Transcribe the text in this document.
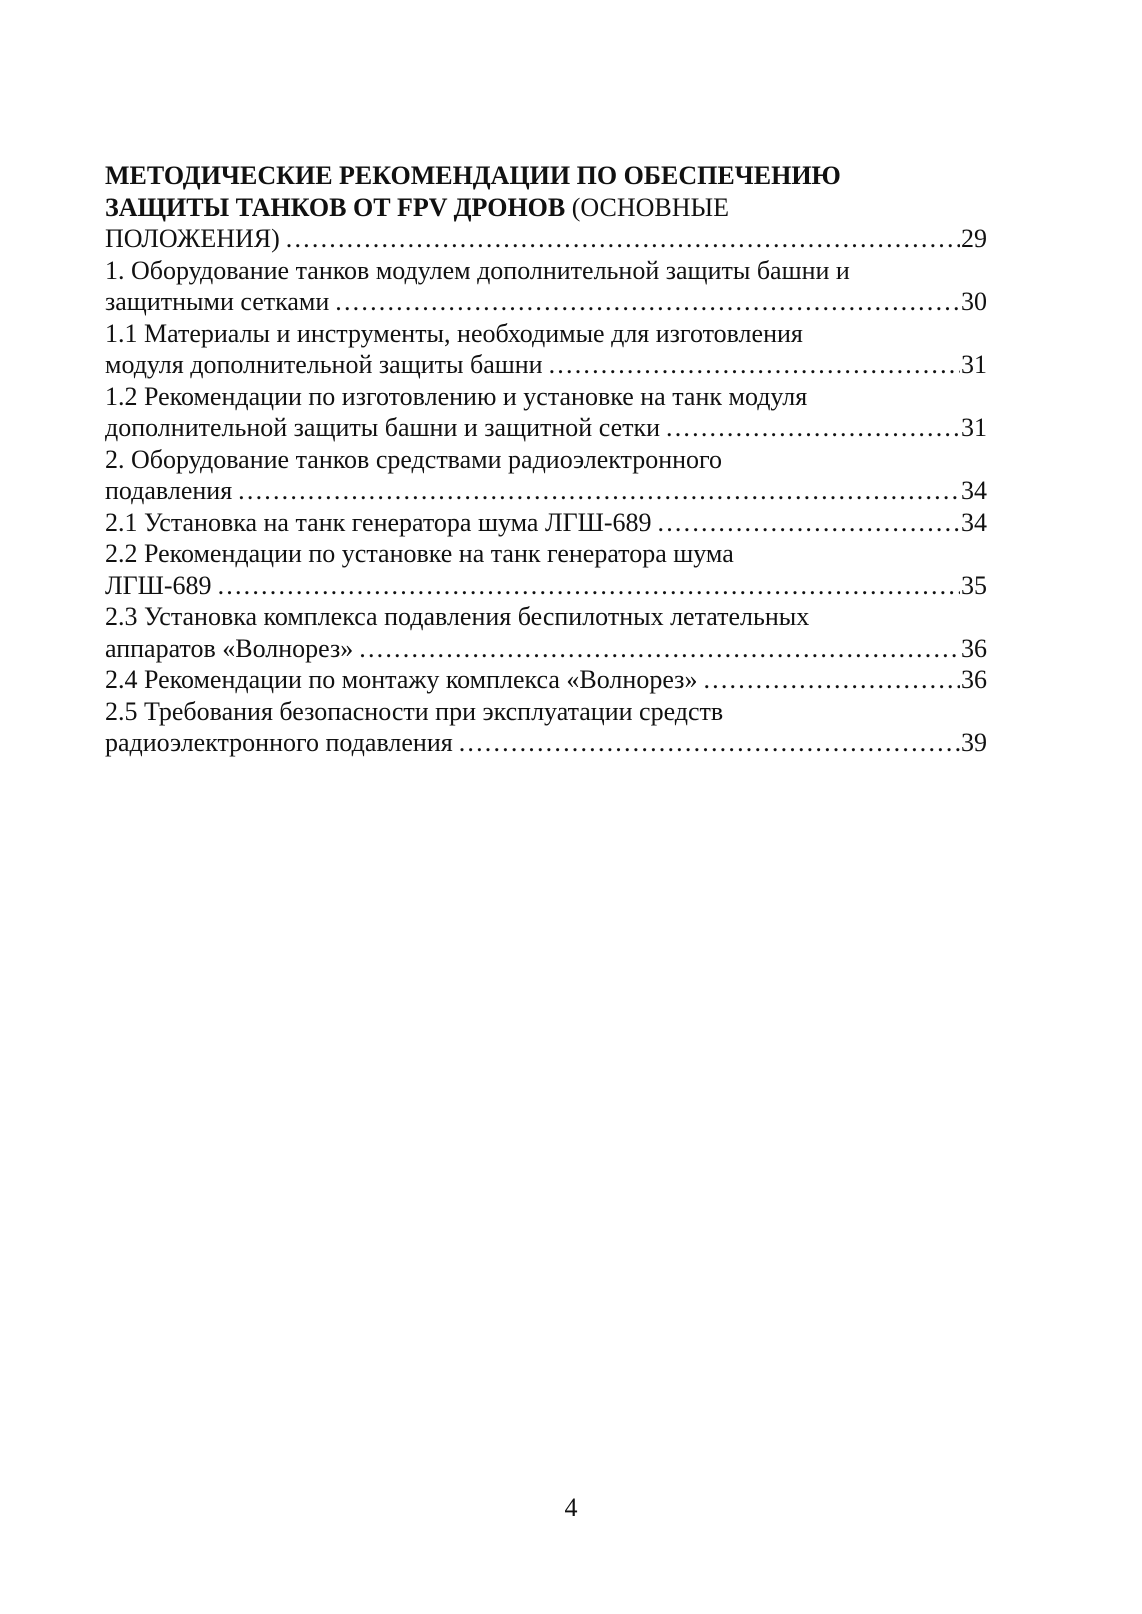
МЕТОДИЧЕСКИЕ РЕКОМЕНДАЦИИ ПО ОБЕСПЕЧЕНИЮ
ЗАЩИТЫ ТАНКОВ ОТ FPV ДРОНОВ (ОСНОВНЫЕ
ПОЛОЖЕНИЯ) .....	29
1. Оборудование танков модулем дополнительной защиты башни и
защитными сетками .....	30
1.1 Материалы и инструменты, необходимые для изготовления
модуля дополнительной защиты башни .....	31
1.2 Рекомендации по изготовлению и установке на танк модуля
дополнительной защиты башни и защитной сетки .....	31
2. Оборудование танков средствами радиоэлектронного
подавления .....	34
2.1 Установка на танк генератора шума ЛГШ-689 .....	34
2.2 Рекомендации по установке на танк генератора шума
ЛГШ-689 .....	35
2.3 Установка комплекса подавления беспилотных летательных
аппаратов «Волнорез» .....	36
2.4 Рекомендации по монтажу комплекса «Волнорез» .....	36
2.5 Требования безопасности при эксплуатации средств
радиоэлектронного подавления .....	39
4
